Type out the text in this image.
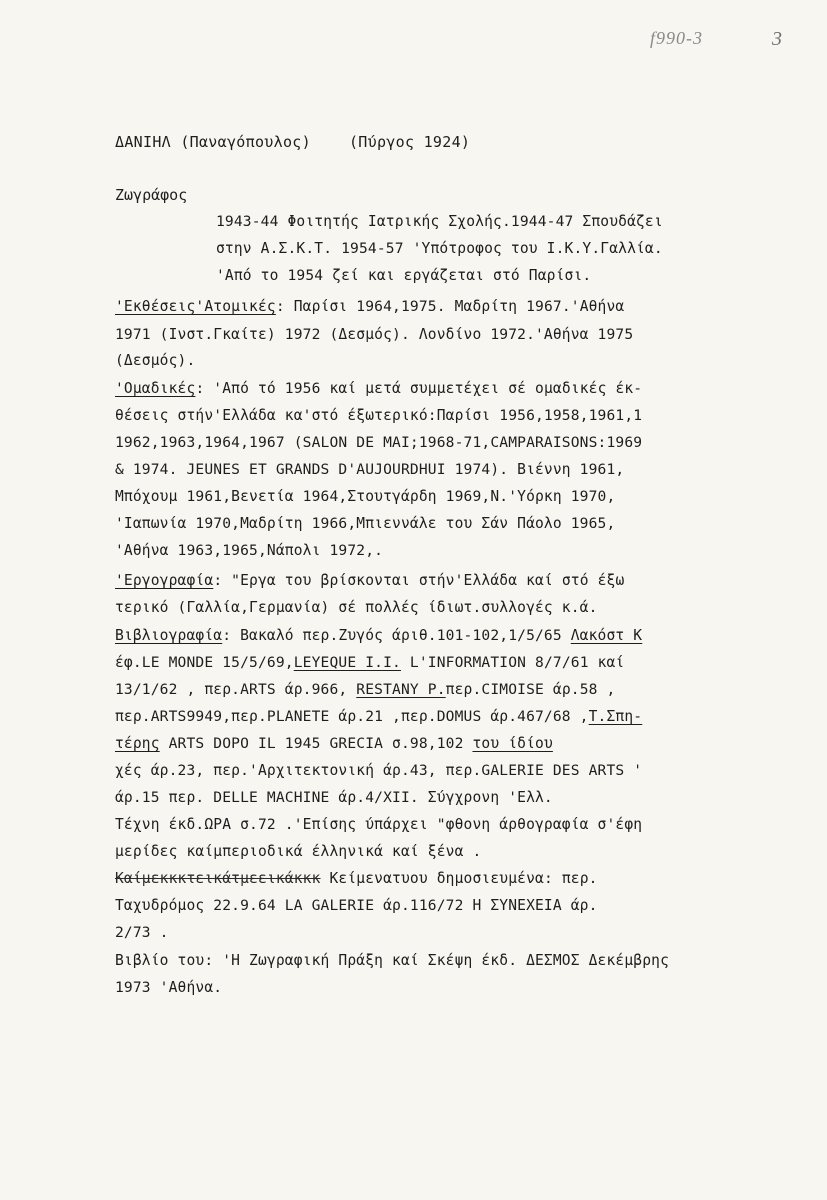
f990-3	3
ΔΑΝΙΗΛ (Παναγόπουλος)	(Πύργος 1924)
Ζωγράφος
1943-44 Φοιτητής Ιατρικής Σχολής.1944-47 Σπουδάζει
στην Α.Σ.Κ.Τ. 1954-57 'Υπότροφος του Ι.Κ.Υ.Γαλλία.
'Από το 1954 ζεί και εργάζεται στό Παρίσι.
'Εκθέσεις'Ατομικές: Παρίσι 1964,1975. Μαδρίτη 1967.'Αθήνα
1971 (Ινστ.Γκαίτε) 1972 (Δεσμός). Λονδίνο 1972.'Αθήνα 1975
(Δεσμός).
'Ομαδικές: 'Από τό 1956 καί μετά συμμετέχει σέ ομαδικές έκ-
θέσεις στήν'Ελλάδα κα'στό έξωτερικό:Παρίσι 1956,1958,1961,1
1962,1963,1964,1967 (SALON DE MAI;1968-71,CAMPARAISONS:1969
& 1974. JEUNES ET GRANDS D'AUJOURDHUI 1974). Βιέννη 1961,
Μπόχουμ 1961,Βενετία 1964,Στουτγάρδη 1969,Ν.'Υόρκη 1970,
'Ιαπωνία 1970,Μαδρίτη 1966,Μπιεννάλε του Σάν Πάολο 1965,
'Αθήνα 1963,1965,Νάπολι 1972,.
'Εργογραφία: "Εργα του βρίσκονται στήν'Ελλάδα καί στό έξω
τερικό (Γαλλία,Γερμανία) σέ πολλές ίδιωτ.συλλογές κ.ά.
Βιβλιογραφία: Βακαλό περ.Ζυγός άριθ.101-102,1/5/65 Λακόστ Κ
έφ.LE MONDE 15/5/69,LEYEQUE I.I. L'INFORMATION 8/7/61 καί
13/1/62 , περ.ARTS άρ.966, RESTANY P.περ.CIMOISE άρ.58 ,
περ.ARTS9949,περ.PLANETE άρ.21 ,περ.DOMUS άρ.467/68 ,Τ.Σπη-
τέρης ARTS DOPO IL 1945 GRECIA σ.98,102 του ίδίου
χές άρ.23, περ.'Αρχιτεκτονική άρ.43, περ.GALERIE DES ARTS '
άρ.15 περ. DELLE MACHINE άρ.4/XII. Σύγχρονη 'Ελλ.
Τέχνη έκδ.ΩΡΑ σ.72 .'Επίσης ύπάρχει "φθονη άρθογραφία σ'έφη
μερίδες καίμπεριοδικά έλληνικά καί ξένα .
Καίμεκκκτεικάτμεεικάκκκ Κείμενατυου δημοσιευμένα: περ.
Ταχυδρόμος 22.9.64 LA GALERIE άρ.116/72 Η ΣΥΝΕΧΕΙΑ άρ.
2/73 .
Βιβλίο του: 'Η Ζωγραφική Πράξη καί Σκέψη έκδ. ΔΕΣΜΟΣ Δεκέμβρης
1973 'Αθήνα.
